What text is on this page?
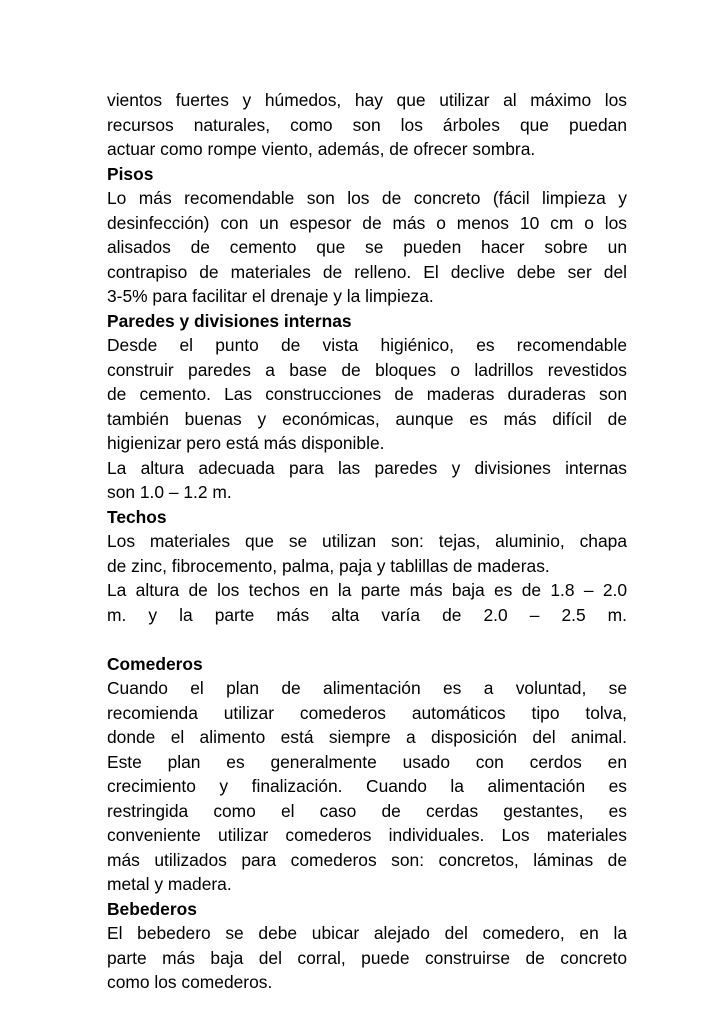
vientos fuertes y húmedos, hay que utilizar al máximo los
recursos naturales, como son los árboles que puedan
actuar como rompe viento, además, de ofrecer sombra.
Pisos
Lo más recomendable son los de concreto (fácil limpieza y
desinfección) con un espesor de más o menos 10 cm o los
alisados de cemento que se pueden hacer sobre un
contrapiso de materiales de relleno. El declive debe ser del
3-5% para facilitar el drenaje y la limpieza.
Paredes y divisiones internas
Desde el punto de vista higiénico, es recomendable
construir paredes a base de bloques o ladrillos revestidos
de cemento. Las construcciones de maderas duraderas son
también buenas y económicas, aunque es más difícil de
higienizar pero está más disponible.
La altura adecuada para las paredes y divisiones internas
son 1.0 – 1.2 m.
Techos
Los materiales que se utilizan son: tejas, aluminio, chapa
de zinc, fibrocemento, palma, paja y tablillas de maderas.
La altura de los techos en la parte más baja es de 1.8 – 2.0
m. y la parte más alta varía de 2.0 – 2.5 m.
Comederos
Cuando el plan de alimentación es a voluntad, se
recomienda utilizar comederos automáticos tipo tolva,
donde el alimento está siempre a disposición del animal.
Este plan es generalmente usado con cerdos en
crecimiento y finalización. Cuando la alimentación es
restringida como el caso de cerdas gestantes, es
conveniente utilizar comederos individuales. Los materiales
más utilizados para comederos son: concretos, láminas de
metal y madera.
Bebederos
El bebedero se debe ubicar alejado del comedero, en la
parte más baja del corral, puede construirse de concreto
como los comederos.
